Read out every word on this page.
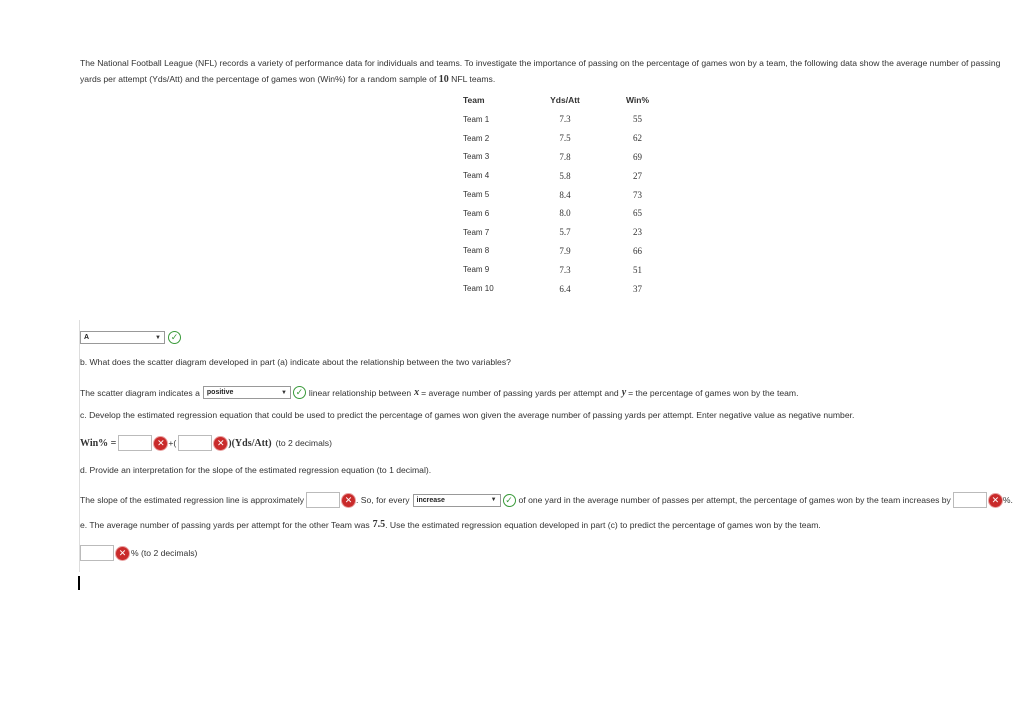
The National Football League (NFL) records a variety of performance data for individuals and teams. To investigate the importance of passing on the percentage of games won by a team, the following data show the average number of passing yards per attempt (Yds/Att) and the percentage of games won (Win%) for a random sample of 10 NFL teams.
Team	Yds/Att	Win%
Team 1	7.3	55
Team 2	7.5	62
Team 3	7.8	69
Team 4	5.8	27
Team 5	8.4	73
Team 6	8.0	65
Team 7	5.7	23
Team 8	7.9	66
Team 9	7.3	51
Team 10	6.4	37
A	▼	✓
b. What does the scatter diagram developed in part (a) indicate about the relationship between the two variables?
The scatter diagram indicates a positive	▼ ✓ linear relationship between x = average number of passing yards per attempt and y = the percentage of games won by the team.
c. Develop the estimated regression equation that could be used to predict the percentage of games won given the average number of passing yards per attempt. Enter negative value as negative number.
Win% =	✕ +(	✕ )(Yds/Att) (to 2 decimals)
d. Provide an interpretation for the slope of the estimated regression equation (to 1 decimal).
The slope of the estimated regression line is approximately	✕ . So, for every increase	▼ ✓ of one yard in the average number of passes per attempt, the percentage of games won by the team increases by	✕ %.
e. The average number of passing yards per attempt for the other Team was 7.5 . Use the estimated regression equation developed in part (c) to predict the percentage of games won by the team.
✕ % (to 2 decimals)
